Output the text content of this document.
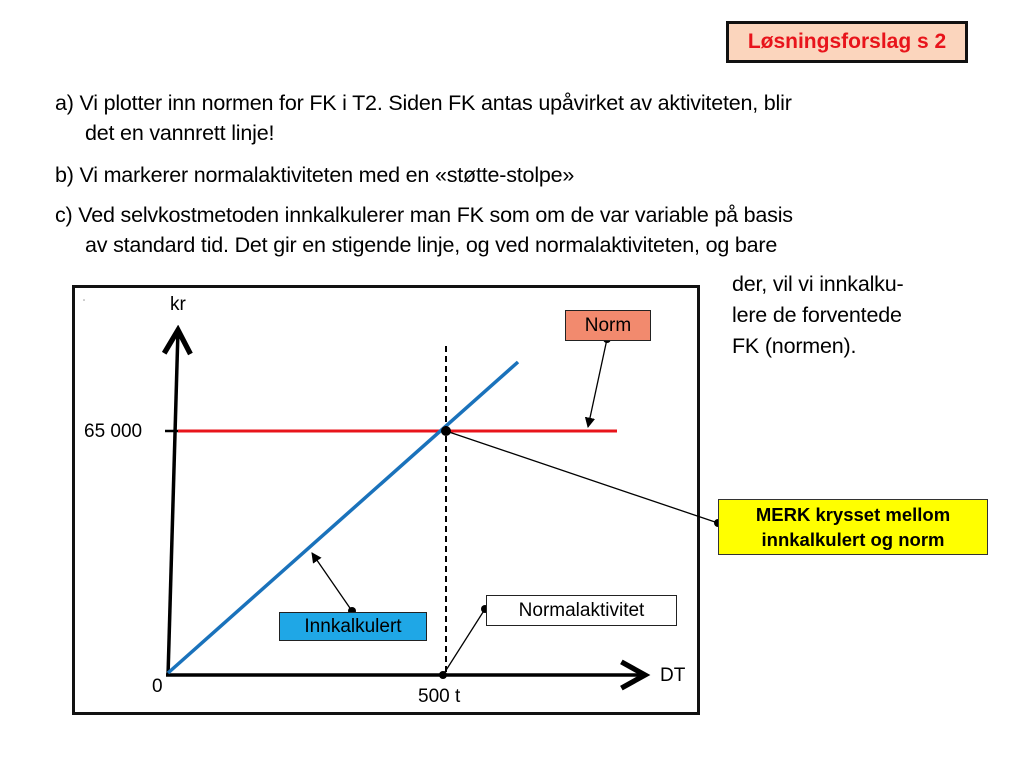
Løsningsforslag s 2
a) Vi plotter inn normen for FK i T2. Siden FK antas upåvirket av aktiviteten, blir
det en vannrett linje!
b) Vi markerer normalaktiviteten med en «støtte-stolpe»
c) Ved selvkostmetoden innkalkulerer man FK som om de var variable på basis
av standard tid. Det gir en stigende linje, og ved normalaktiviteten, og bare
der, vil vi innkalku-
lere de forventede
FK (normen).
kr
DT
65 000
0	500 t
Norm
Innkalkulert
Normalaktivitet
MERK krysset mellom
innkalkulert og norm
